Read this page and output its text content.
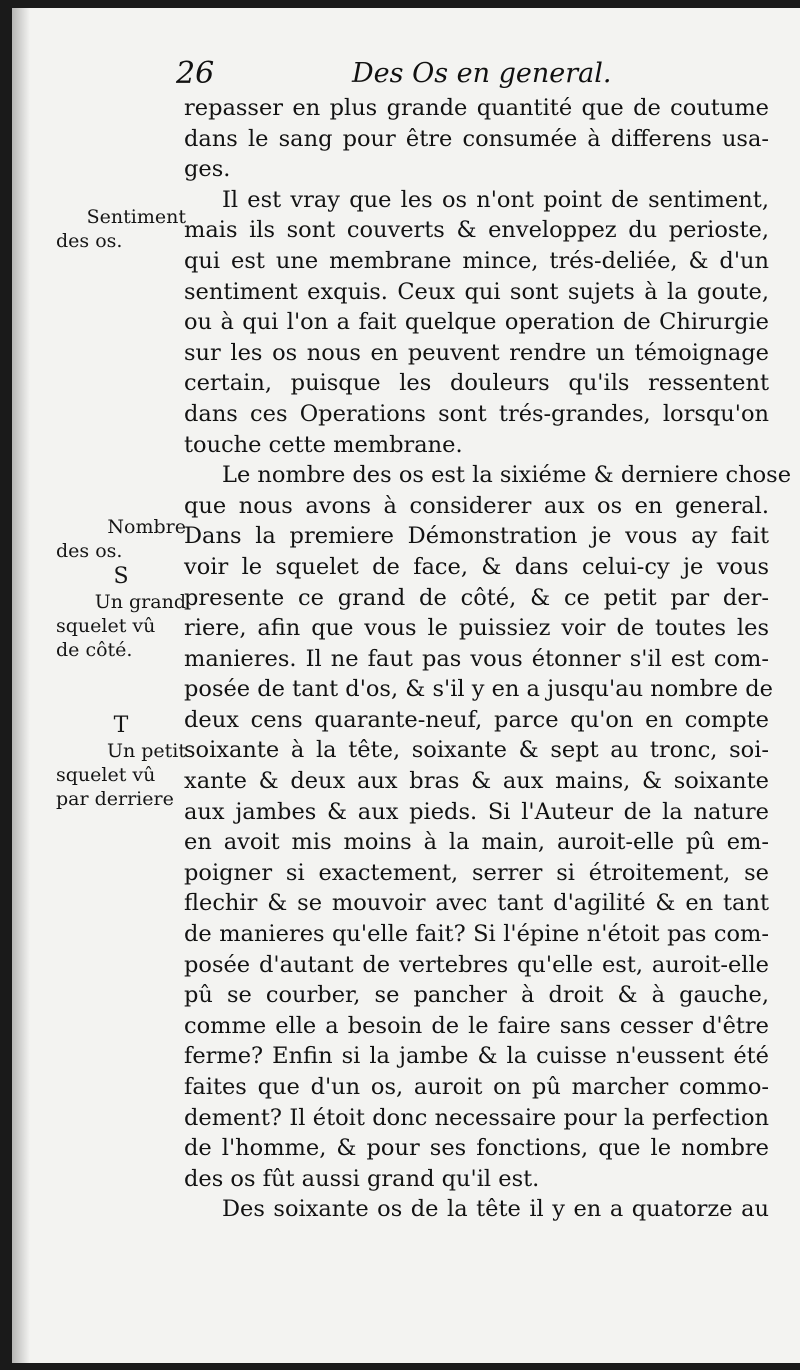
26	Des Os en general.
Sentiment
des os.
Nombre
des os.
S
Un grand
squelet vû
de côté.
T
Un petit
squelet vû
par derriere
repasser en plus grande quantité que de coutume
dans le sang pour être consumée à differens usa-
ges.
Il est vray que les os n'ont point de sentiment,
mais ils sont couverts & enveloppez du perioste,
qui est une membrane mince, trés-deliée, & d'un
sentiment exquis. Ceux qui sont sujets à la goute,
ou à qui l'on a fait quelque operation de Chirurgie
sur les os nous en peuvent rendre un témoignage
certain, puisque les douleurs qu'ils ressentent
dans ces Operations sont trés-grandes, lorsqu'on
touche cette membrane.
Le nombre des os est la sixiéme & derniere chose
que nous avons à considerer aux os en general.
Dans la premiere Démonstration je vous ay fait
voir le squelet de face, & dans celui-cy je vous
presente ce grand de côté, & ce petit par der-
riere, afin que vous le puissiez voir de toutes les
manieres. Il ne faut pas vous étonner s'il est com-
posée de tant d'os, & s'il y en a jusqu'au nombre de
deux cens quarante-neuf, parce qu'on en compte
soixante à la tête, soixante & sept au tronc, soi-
xante & deux aux bras & aux mains, & soixante
aux jambes & aux pieds. Si l'Auteur de la nature
en avoit mis moins à la main, auroit-elle pû em-
poigner si exactement, serrer si étroitement, se
flechir & se mouvoir avec tant d'agilité & en tant
de manieres qu'elle fait? Si l'épine n'étoit pas com-
posée d'autant de vertebres qu'elle est, auroit-elle
pû se courber, se pancher à droit & à gauche,
comme elle a besoin de le faire sans cesser d'être
ferme? Enfin si la jambe & la cuisse n'eussent été
faites que d'un os, auroit on pû marcher commo-
dement? Il étoit donc necessaire pour la perfection
de l'homme, & pour ses fonctions, que le nombre
des os fût aussi grand qu'il est.
Des soixante os de la tête il y en a quatorze au
